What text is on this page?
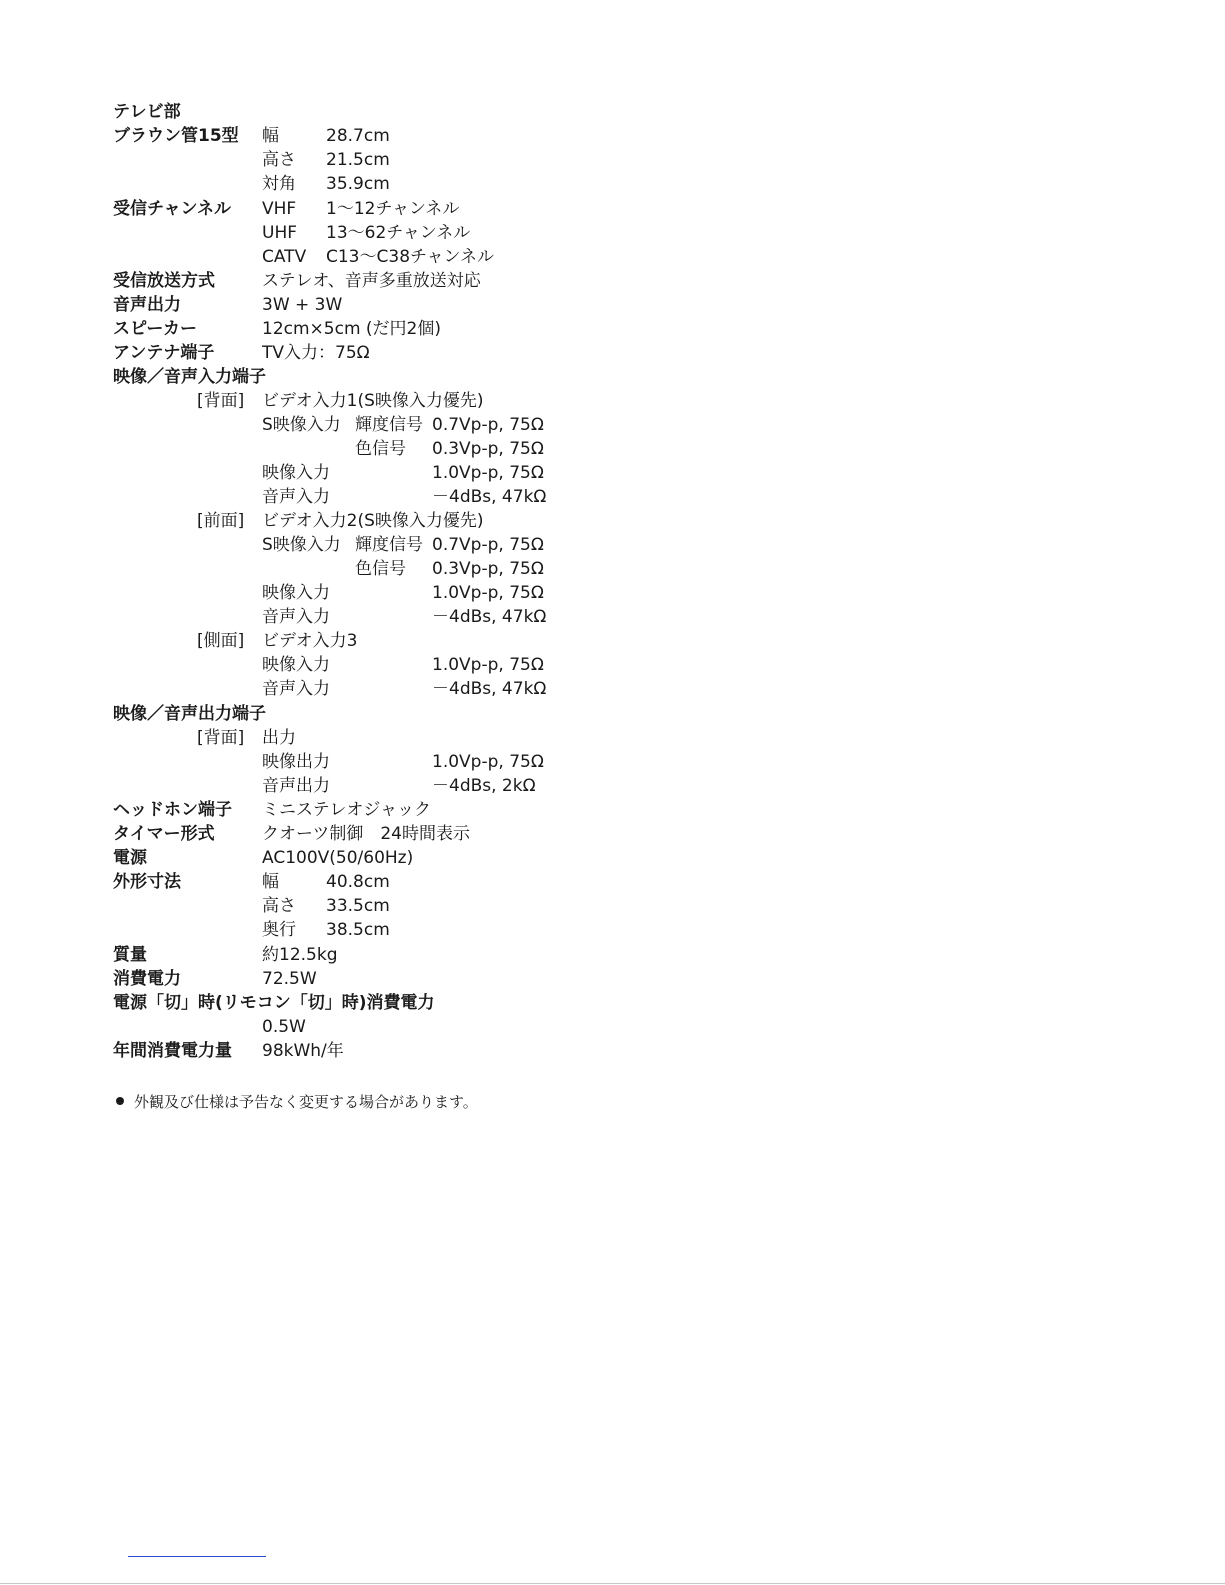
テレビ部
ブラウン管15型 幅	28.7cm
高さ 21.5cm
対角 35.9cm
受信チャンネル VHF 1～12チャンネル
UHF 13～62チャンネル
CATV C13～C38チャンネル
受信放送方式	ステレオ、音声多重放送対応
音声出力	3W + 3W
スピーカー	12cm×5cm (だ円2個)
アンテナ端子	TV入力：75Ω
映像／音声入力端子
[背面] ビデオ入力1(S映像入力優先)
S映像入力 輝度信号 0.7Vp-p, 75Ω
色信号 0.3Vp-p, 75Ω
映像入力	1.0Vp-p, 75Ω
音声入力	－4dBs, 47kΩ
[前面] ビデオ入力2(S映像入力優先)
S映像入力 輝度信号 0.7Vp-p, 75Ω
色信号 0.3Vp-p, 75Ω
映像入力	1.0Vp-p, 75Ω
音声入力	－4dBs, 47kΩ
[側面] ビデオ入力3
映像入力	1.0Vp-p, 75Ω
音声入力	－4dBs, 47kΩ
映像／音声出力端子
[背面] 出力
映像出力	1.0Vp-p, 75Ω
音声出力	－4dBs, 2kΩ
ヘッドホン端子 ミニステレオジャック
タイマー形式	クオーツ制御　24時間表示
電源	AC100V(50/60Hz)
外形寸法	幅	40.8cm
高さ 33.5cm
奥行 38.5cm
質量	約12.5kg
消費電力	72.5W
電源「切」時(リモコン「切」時)消費電力
0.5W
年間消費電力量 98kWh/年
外観及び仕様は予告なく変更する場合があります。
